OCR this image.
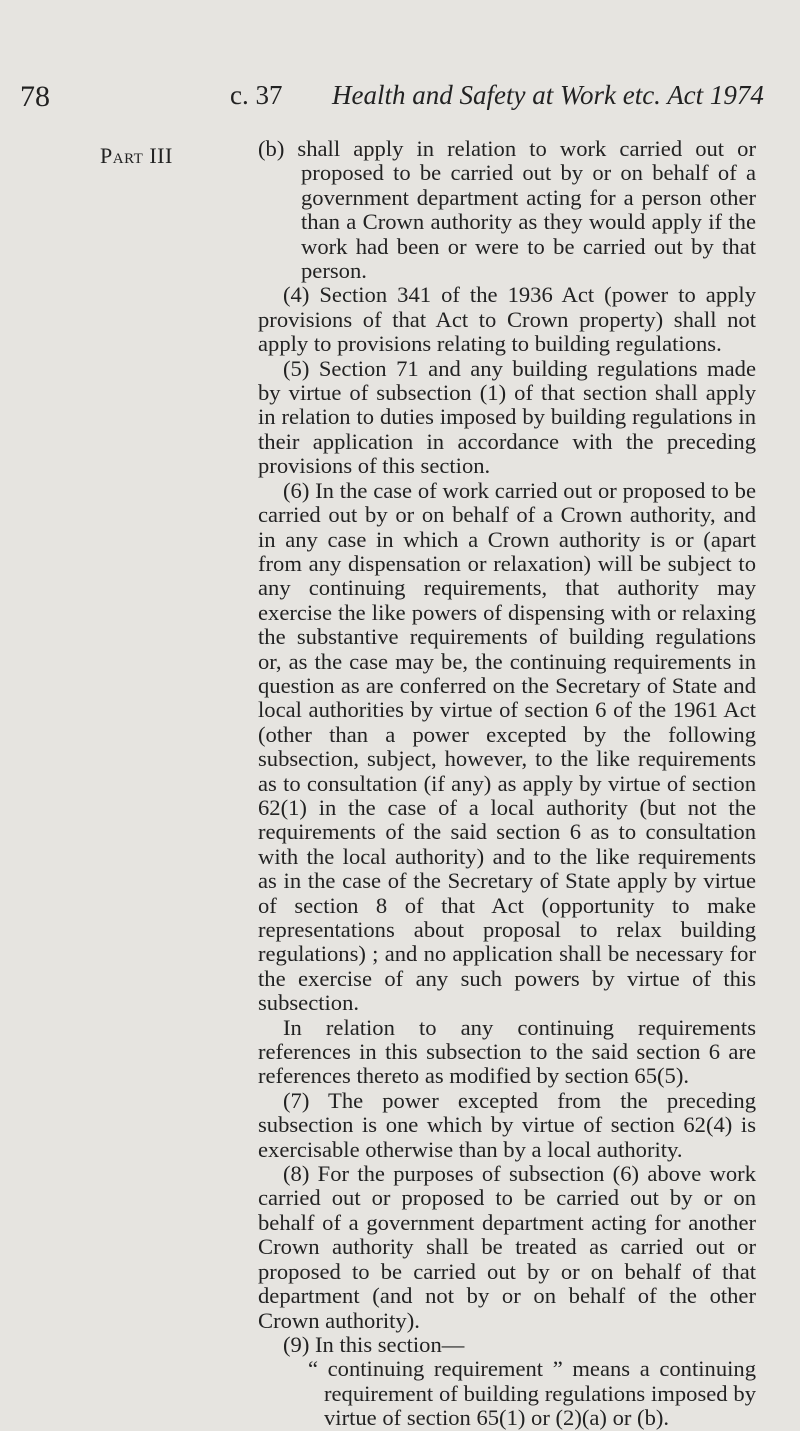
78	c. 37 Health and Safety at Work etc. Act 1974
Part III	(b) shall apply in relation to work carried out or proposed to be carried out by or on behalf of a government department acting for a person other than a Crown authority as they would apply if the work had been or were to be carried out by that person.

(4) Section 341 of the 1936 Act (power to apply provisions of that Act to Crown property) shall not apply to provisions relating to building regulations.

(5) Section 71 and any building regulations made by virtue of subsection (1) of that section shall apply in relation to duties imposed by building regulations in their application in accordance with the preceding provisions of this section.

(6) In the case of work carried out or proposed to be carried out by or on behalf of a Crown authority, and in any case in which a Crown authority is or (apart from any dispensation or relaxation) will be subject to any continuing requirements, that authority may exercise the like powers of dispensing with or relaxing the substantive requirements of building regulations or, as the case may be, the continuing requirements in question as are conferred on the Secretary of State and local authorities by virtue of section 6 of the 1961 Act (other than a power excepted by the following subsection, subject, however, to the like requirements as to consultation (if any) as apply by virtue of section 62(1) in the case of a local authority (but not the requirements of the said section 6 as to consultation with the local authority) and to the like requirements as in the case of the Secretary of State apply by virtue of section 8 of that Act (opportunity to make representations about proposal to relax building regulations) ; and no application shall be necessary for the exercise of any such powers by virtue of this subsection.

In relation to any continuing requirements references in this subsection to the said section 6 are references thereto as modified by section 65(5).

(7) The power excepted from the preceding subsection is one which by virtue of section 62(4) is exercisable otherwise than by a local authority.

(8) For the purposes of subsection (6) above work carried out or proposed to be carried out by or on behalf of a government department acting for another Crown authority shall be treated as carried out or proposed to be carried out by or on behalf of that department (and not by or on behalf of the other Crown authority).

(9) In this section—

“ continuing requirement ” means a continuing requirement of building regulations imposed by virtue of section 65(1) or (2)(a) or (b).
